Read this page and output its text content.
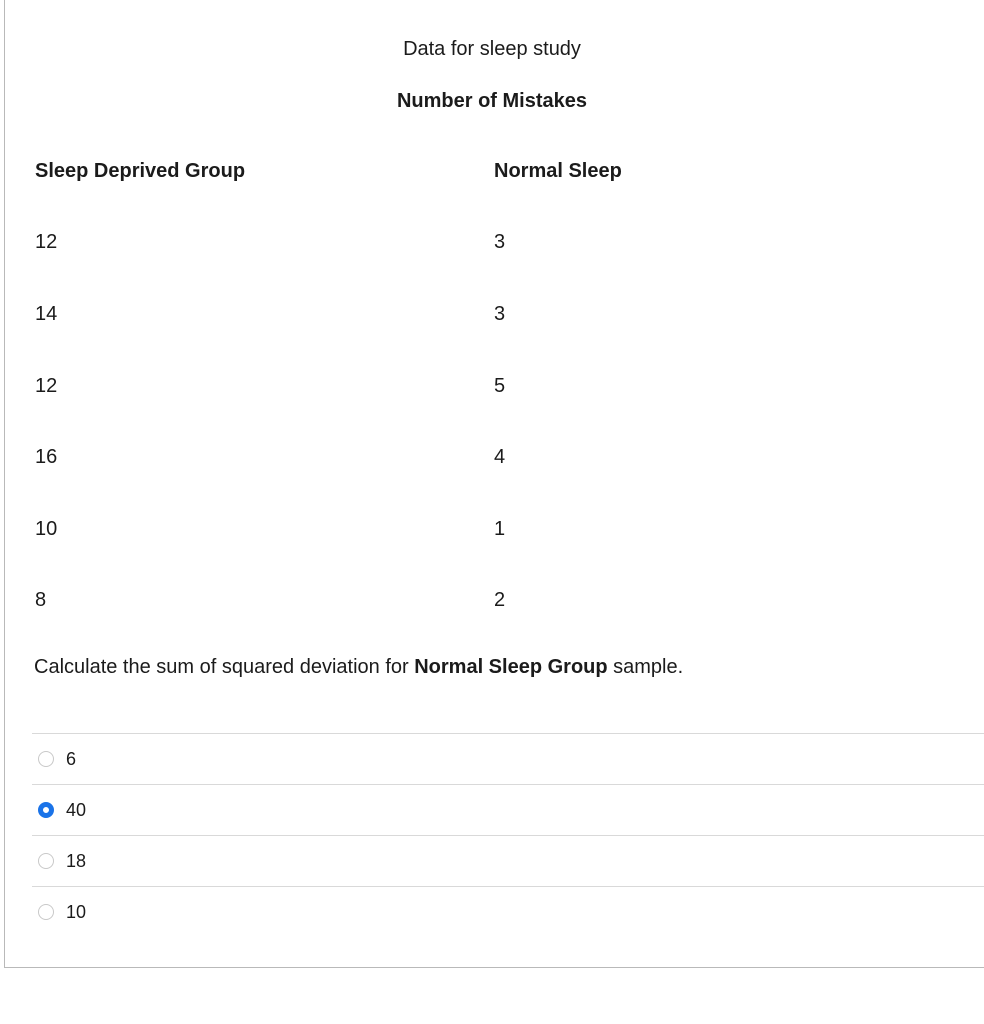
Data for sleep study
Number of Mistakes
Sleep Deprived Group	Normal Sleep
12	3
14	3
12	5
16	4
10	1
8	2
Calculate the sum of squared deviation for Normal Sleep Group sample.
6
40
18
10
